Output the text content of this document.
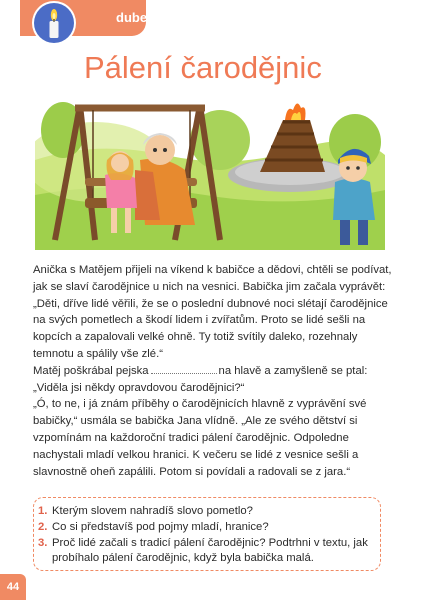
duben
Pálení čarodějnic

Anička s Matějem přijeli na víkend k babičce a dědovi, chtěli se podívat, jak se slaví čarodějnice u nich na vesnici. Babička jim začala vyprávět: „Děti, dříve lidé věřili, že se o poslední dubnové noci slétají čarodějnice na svých pometlech a škodí lidem i zvířatům. Proto se lidé sešli na kopcích a zapalovali velké ohně. Ty totiž svítily daleko, rozehnaly temnotu a spálily vše zlé.“

Matěj poškrábal pejska	na hlavě a zamyšleně se ptal: „Viděla jsi někdy opravdovou čarodějnici?“

„Ó, to ne, i já znám příběhy o čarodějnicích hlavně z vyprávění své babičky,“ usmála se babička Jana vlídně. „Ale ze svého dětství si vzpomínám na každoroční tradici pálení čarodějnic. Odpoledne nachystali mladí velkou hranici. K večeru se lidé z vesnice sešli a slavnostně oheň zapálili. Potom si povídali a radovali se z jara.“

1. Kterým slovem nahradíš slovo pometlo?
2. Co si představíš pod pojmy mladí, hranice?
3. Proč lidé začali s tradicí pálení čarodějnic? Podtrhni v textu, jak probíhalo pálení čarodějnic, když byla babička malá.
44
